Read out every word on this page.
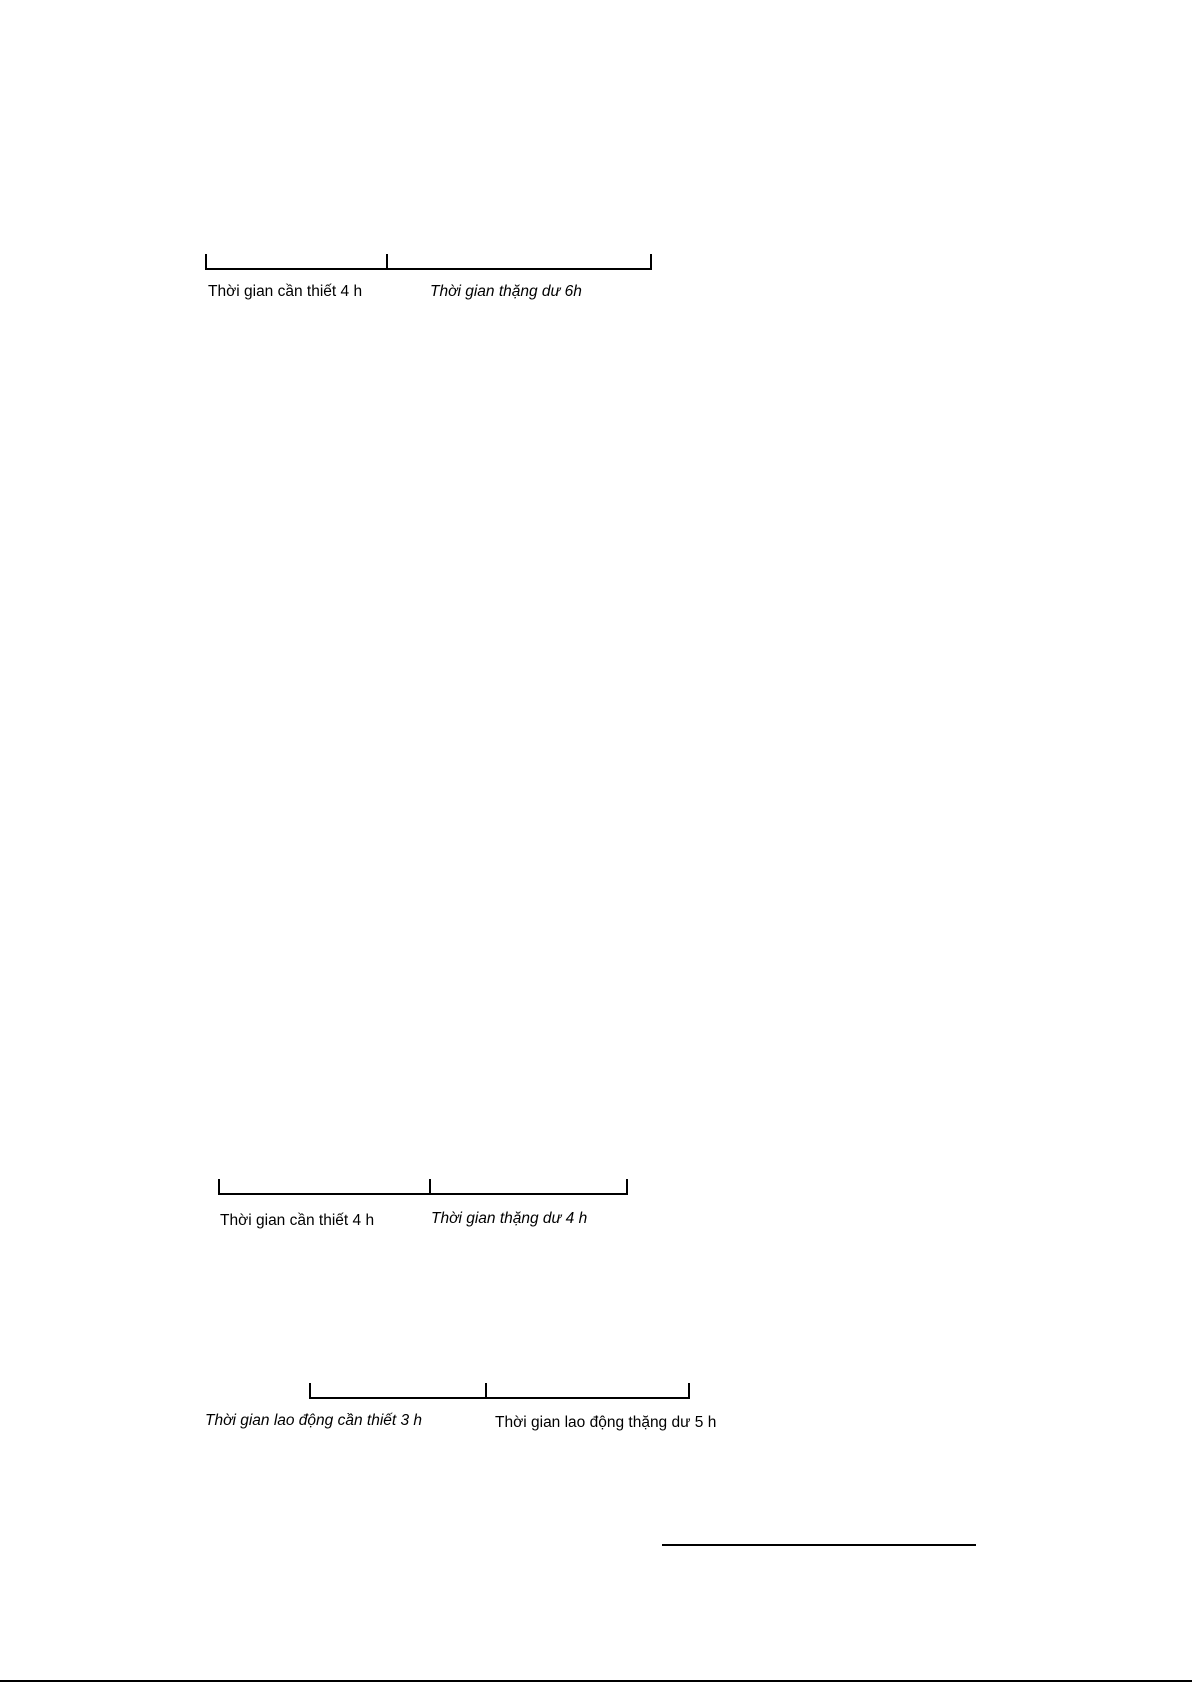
Thời gian cần thiết 4 h	Thời gian thặng dư 6h
Thời gian cần thiết 4 h	Thời gian thặng dư 4 h
Thời gian lao động cần thiết 3 h	Thời gian lao động thặng dư 5 h
